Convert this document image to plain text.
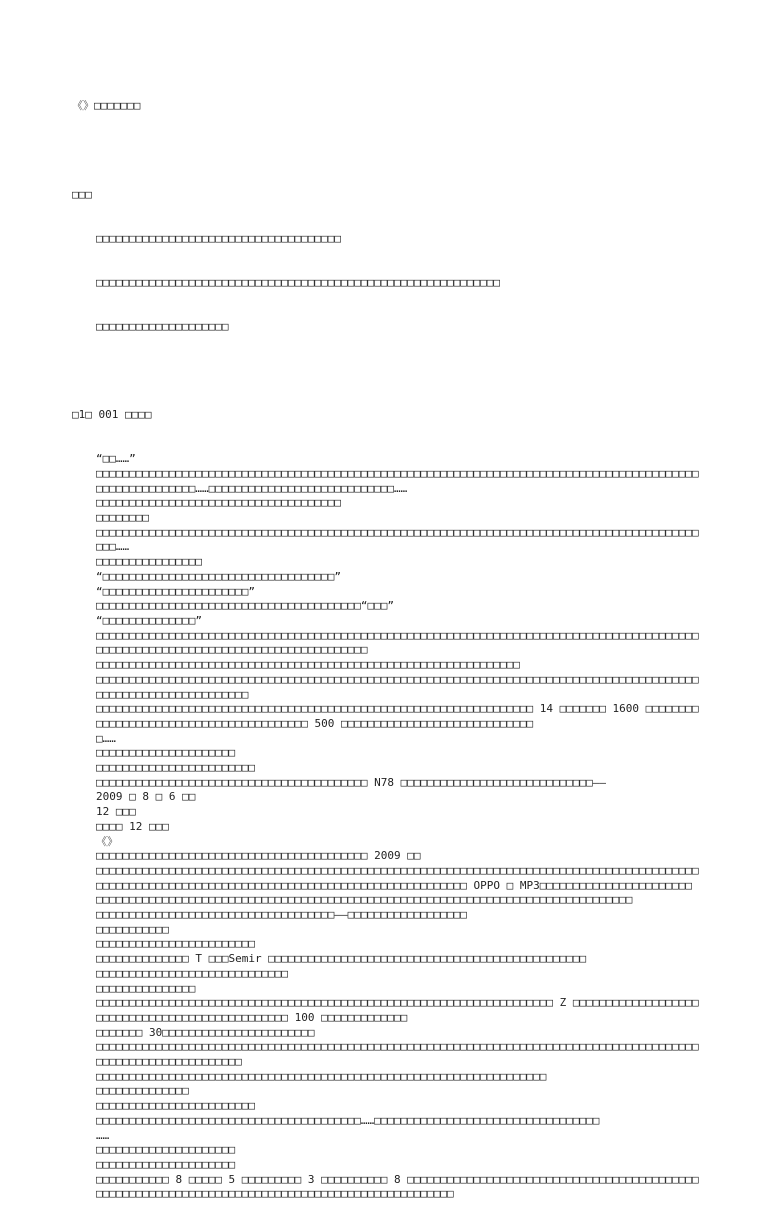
《》□□□□□□□

□□□

□□□□□□□□□□□□□□□□□□□□□□□□□□□□□□□□□□□□□

□□□□□□□□□□□□□□□□□□□□□□□□□□□□□□□□□□□□□□□□□□□□□□□□□□□□□□□□□□□□□

□□□□□□□□□□□□□□□□□□□□

□1□ 001 □□□□

“□□……”
□□□□□□□□□□□□□□□□□□□□□□□□□□□□□□□□□□□□□□□□□□□□□□□□□□□□□□□□□□□□□□□□□□□□□□□□□□□□□□□□□□□□□□□□□□□□□□□□□□□□□□□□□□……□□□□□□□□□□□□□□□□□□□□□□□□□□□□……
□□□□□□□□□□□□□□□□□□□□□□□□□□□□□□□□□□□□□
□□□□□□□□
□□□□□□□□□□□□□□□□□□□□□□□□□□□□□□□□□□□□□□□□□□□□□□□□□□□□□□□□□□□□□□□□□□□□□□□□□□□□□□□□□□□□□□□□□□□□□□……
□□□□□□□□□□□□□□□□
“□□□□□□□□□□□□□□□□□□□□□□□□□□□□□□□□□□□”
“□□□□□□□□□□□□□□□□□□□□□□”
□□□□□□□□□□□□□□□□□□□□□□□□□□□□□□□□□□□□□□□□“□□□”
“□□□□□□□□□□□□□□”
□□□□□□□□□□□□□□□□□□□□□□□□□□□□□□□□□□□□□□□□□□□□□□□□□□□□□□□□□□□□□□□□□□□□□□□□□□□□□□□□□□□□□□□□□□□□□□□□□□□□□□□□□□□□□□□□□□□□□□□□□□□□□□□□□□□□
□□□□□□□□□□□□□□□□□□□□□□□□□□□□□□□□□□□□□□□□□□□□□□□□□□□□□□□□□□□□□□□□
□□□□□□□□□□□□□□□□□□□□□□□□□□□□□□□□□□□□□□□□□□□□□□□□□□□□□□□□□□□□□□□□□□□□□□□□□□□□□□□□□□□□□□□□□□□□□□□□□□□□□□□□□□□□□□□□□□
□□□□□□□□□□□□□□□□□□□□□□□□□□□□□□□□□□□□□□□□□□□□□□□□□□□□□□□□□□□□□□□□□□ 14 □□□□□□□ 1600 □□□□□□□□□□□□□□□□□□□□□□□□□□□□□□□□□□□□□□□□ 500 □□□□□□□□□□□□□□□□□□□□□□□□□□□□□
□……
□□□□□□□□□□□□□□□□□□□□□
□□□□□□□□□□□□□□□□□□□□□□□□
□□□□□□□□□□□□□□□□□□□□□□□□□□□□□□□□□□□□□□□□□ N78 □□□□□□□□□□□□□□□□□□□□□□□□□□□□□——
2009 □ 8 □ 6 □□
12 □□□
□□□□ 12 □□□
《》
□□□□□□□□□□□□□□□□□□□□□□□□□□□□□□□□□□□□□□□□□ 2009 □□
□□□□□□□□□□□□□□□□□□□□□□□□□□□□□□□□□□□□□□□□□□□□□□□□□□□□□□□□□□□□□□□□□□□□□□□□□□□□□□□□□□□□□□□□□□□□□□□□□□□□□□□□□□□□□□□□□□□□□□□□□□□□□□□□□□□□□□□□□□□□□□□□□□□ OPPO □ MP3□□□□□□□□□□□□□□□□□□□□□□□
□□□□□□□□□□□□□□□□□□□□□□□□□□□□□□□□□□□□□□□□□□□□□□□□□□□□□□□□□□□□□□□□□□□□□□□□□□□□□□□□□
□□□□□□□□□□□□□□□□□□□□□□□□□□□□□□□□□□□□——□□□□□□□□□□□□□□□□□□
□□□□□□□□□□□
□□□□□□□□□□□□□□□□□□□□□□□□
□□□□□□□□□□□□□□ T □□□Semir □□□□□□□□□□□□□□□□□□□□□□□□□□□□□□□□□□□□□□□□□□□□□□□□
□□□□□□□□□□□□□□□□□□□□□□□□□□□□□
□□□□□□□□□□□□□□□
□□□□□□□□□□□□□□□□□□□□□□□□□□□□□□□□□□□□□□□□□□□□□□□□□□□□□□□□□□□□□□□□□□□□□ Z □□□□□□□□□□□□□□□□□□□□□□□□□□□□□□□□□□□□□□□□□□□□□□□□ 100 □□□□□□□□□□□□□
□□□□□□□ 30□□□□□□□□□□□□□□□□□□□□□□□
□□□□□□□□□□□□□□□□□□□□□□□□□□□□□□□□□□□□□□□□□□□□□□□□□□□□□□□□□□□□□□□□□□□□□□□□□□□□□□□□□□□□□□□□□□□□□□□□□□□□□□□□□□□□□□□□□
□□□□□□□□□□□□□□□□□□□□□□□□□□□□□□□□□□□□□□□□□□□□□□□□□□□□□□□□□□□□□□□□□□□□
□□□□□□□□□□□□□□
□□□□□□□□□□□□□□□□□□□□□□□□
□□□□□□□□□□□□□□□□□□□□□□□□□□□□□□□□□□□□□□□□……□□□□□□□□□□□□□□□□□□□□□□□□□□□□□□□□□□
……
□□□□□□□□□□□□□□□□□□□□□
□□□□□□□□□□□□□□□□□□□□□
□□□□□□□□□□□ 8 □□□□□ 5 □□□□□□□□□ 3 □□□□□□□□□□ 8 □□□□□□□□□□□□□□□□□□□□□□□□□□□□□□□□□□□□□□□□□□□□□□□□□□□□□□□□□□□□□□□□□□□□□□□□□□□□□□□□□□□□□□□□□□□□□□□□□□
